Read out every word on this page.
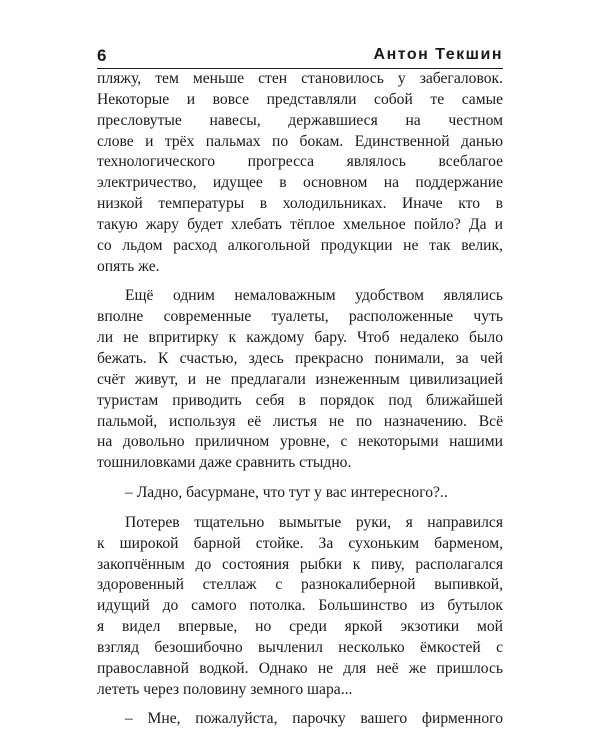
6	Антон Текшин
пляжу, тем меньше стен становилось у забегаловок.
Некоторые и вовсе представляли собой те самые
пресловутые навесы, державшиеся на честном
слове и трёх пальмах по бокам. Единственной данью
технологического прогресса являлось всеблагое
электричество, идущее в основном на поддержание
низкой температуры в холодильниках. Иначе кто в
такую жару будет хлебать тёплое хмельное пойло? Да и
со льдом расход алкогольной продукции не так велик,
опять же.
Ещё одним немаловажным удобством являлись
вполне современные туалеты, расположенные чуть
ли не впритирку к каждому бару. Чтоб недалеко было
бежать. К счастью, здесь прекрасно понимали, за чей
счёт живут, и не предлагали изнеженным цивилизацией
туристам приводить себя в порядок под ближайшей
пальмой, используя её листья не по назначению. Всё
на довольно приличном уровне, с некоторыми нашими
тошниловками даже сравнить стыдно.
– Ладно, басурмане, что тут у вас интересного?..
Потерев тщательно вымытые руки, я направился
к широкой барной стойке. За сухоньким барменом,
закопчённым до состояния рыбки к пиву, располагался
здоровенный стеллаж с разнокалиберной выпивкой,
идущий до самого потолка. Большинство из бутылок
я видел впервые, но среди яркой экзотики мой
взгляд безошибочно вычленил несколько ёмкостей с
православной водкой. Однако не для неё же пришлось
лететь через половину земного шара...
– Мне, пожалуйста, парочку вашего фирменного
